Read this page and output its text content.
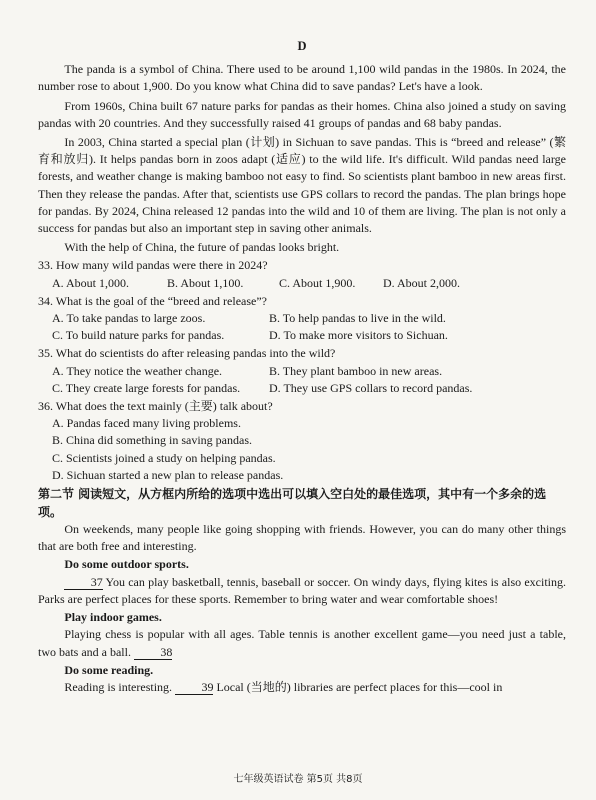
D

The panda is a symbol of China. There used to be around 1,100 wild pandas in the 1980s. In 2024, the number rose to about 1,900. Do you know what China did to save pandas? Let's have a look.

From 1960s, China built 67 nature parks for pandas as their homes. China also joined a study on saving pandas with 20 countries. And they successfully raised 41 groups of pandas and 68 baby pandas.

In 2003, China started a special plan (计划) in Sichuan to save pandas. This is “breed and release” (繁育和放归). It helps pandas born in zoos adapt (适应) to the wild life. It's difficult. Wild pandas need large forests, and weather change is making bamboo not easy to find. So scientists plant bamboo in new areas first. Then they release the pandas. After that, scientists use GPS collars to record the pandas. The plan brings hope for pandas. By 2024, China released 12 pandas into the wild and 10 of them are living. The plan is not only a success for pandas but also an important step in saving other animals.

With the help of China, the future of pandas looks bright.

33. How many wild pandas were there in 2024?

A. About 1,000.	B. About 1,100.	C. About 1,900.	D. About 2,000.

34. What is the goal of the “breed and release”?

A. To take pandas to large zoos.	B. To help pandas to live in the wild.
C. To build nature parks for pandas.	D. To make more visitors to Sichuan.

35. What do scientists do after releasing pandas into the wild?

A. They notice the weather change.	B. They plant bamboo in new areas.
C. They create large forests for pandas.	D. They use GPS collars to record pandas.

36. What does the text mainly (主要) talk about?

A. Pandas faced many living problems.
B. China did something in saving pandas.
C. Scientists joined a study on helping pandas.
D. Sichuan started a new plan to release pandas.
第二节 阅读短文，从方框内所给的选项中选出可以填入空白处的最佳选项，其中有一个多余的选项。

On weekends, many people like going shopping with friends. However, you can do many other things that are both free and interesting.

Do some outdoor sports.

37 You can play basketball, tennis, baseball or soccer. On windy days, flying kites is also exciting. Parks are perfect places for these sports. Remember to bring water and wear comfortable shoes!

Play indoor games.

Playing chess is popular with all ages. Table tennis is another excellent game—you need just a table, two bats and a ball. 38

Do some reading.

Reading is interesting. 39 Local (当地的) libraries are perfect places for this—cool in

七年级英语试卷 第5页 共8页
